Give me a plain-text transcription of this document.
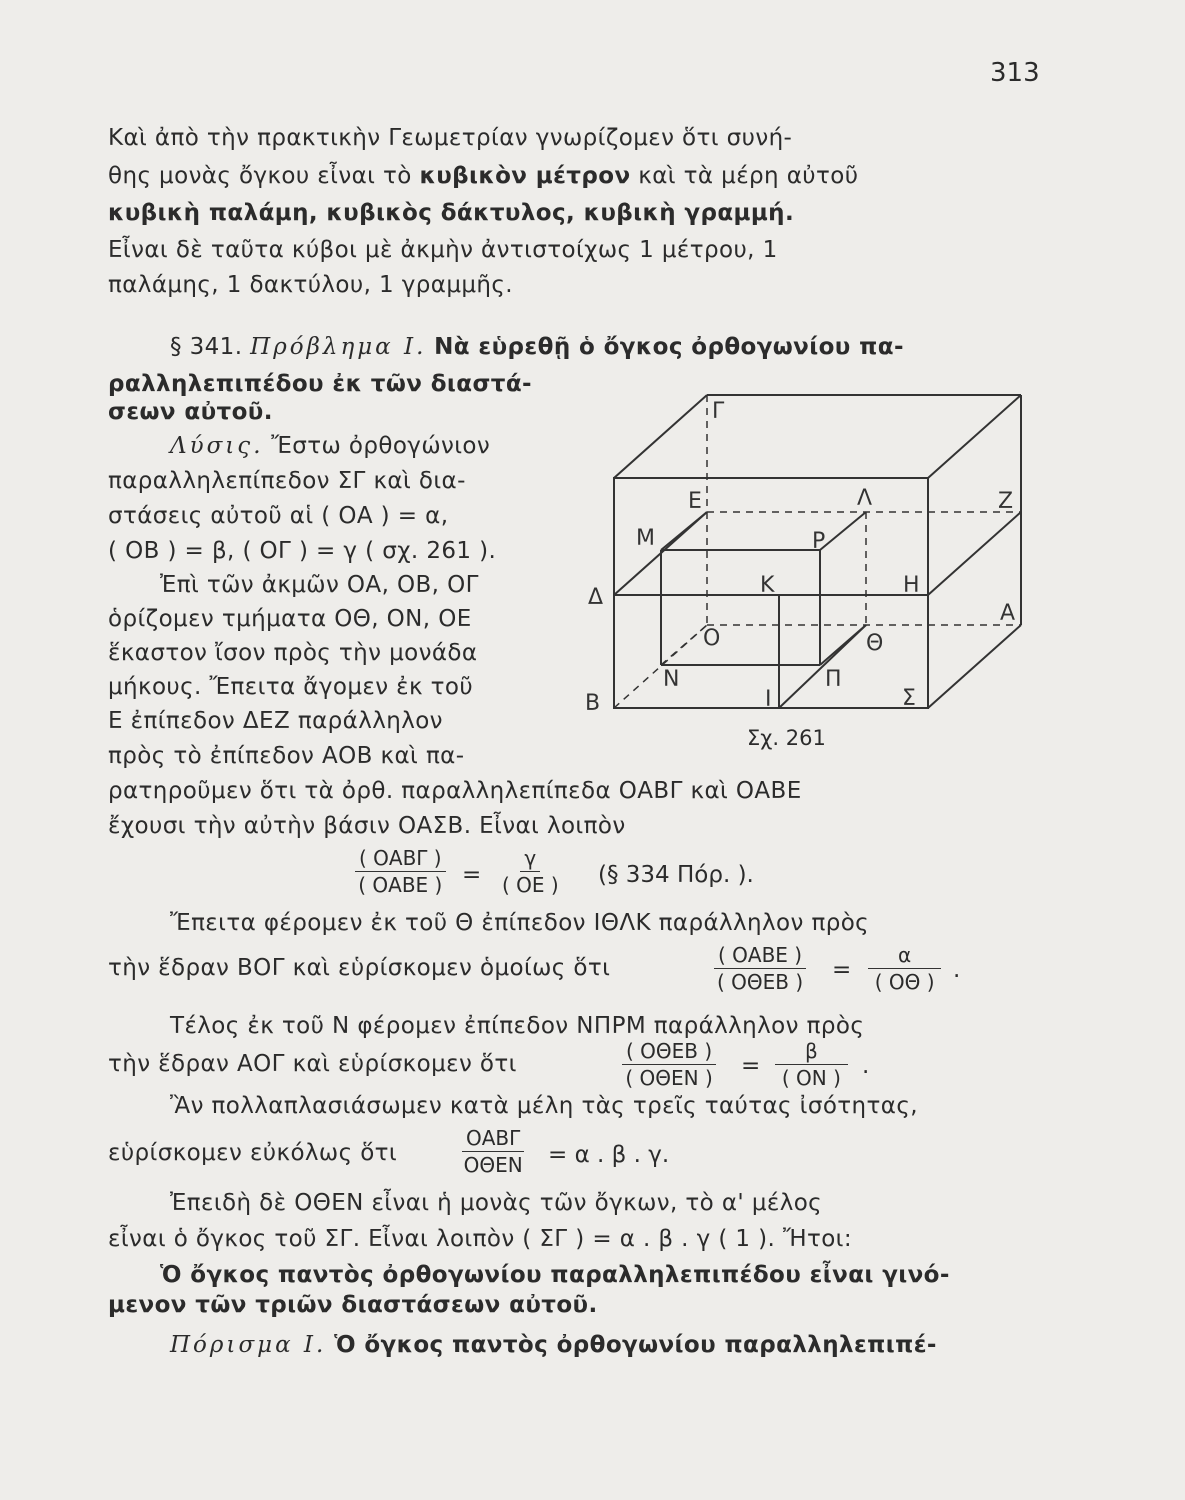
313
Καὶ ἀπὸ τὴν πρακτικὴν Γεωμετρίαν γνωρίζομεν ὅτι συνή-
θης μονὰς ὄγκου εἶναι τὸ κυβικὸν μέτρον καὶ τὰ μέρη αὐτοῦ
κυβικὴ παλάμη, κυβικὸς δάκτυλος, κυβικὴ γραμμή.
Εἶναι δὲ ταῦτα κύβοι μὲ ἀκμὴν ἀντιστοίχως 1 μέτρου, 1
παλάμης, 1 δακτύλου, 1 γραμμῆς.
§ 341. Πρόβλημα Ι. Νὰ εὑρεθῇ ὁ ὄγκος ὀρθογωνίου πα-
ραλληλεπιπέδου ἐκ τῶν διαστά-
σεων αὐτοῦ.
Λύσις. Ἔστω ὀρθογώνιον
παραλληλεπίπεδον ΣΓ καὶ δια-
στάσεις αὐτοῦ αἱ ( ΟΑ ) = α,
( ΟΒ ) = β, ( ΟΓ ) = γ ( σχ. 261 ).
Ἐπὶ τῶν ἀκμῶν ΟΑ, ΟΒ, ΟΓ
ὁρίζομεν τμήματα ΟΘ, ΟΝ, ΟΕ
ἕκαστον ἴσον πρὸς τὴν μονάδα
μήκους. Ἔπειτα ἄγομεν ἐκ τοῦ
Ε ἐπίπεδον ΔΕΖ παράλληλον
πρὸς τὸ ἐπίπεδον ΑΟΒ καὶ πα-
ρατηροῦμεν ὅτι τὰ ὀρθ. παραλληλεπίπεδα ΟΑΒΓ καὶ ΟΑΒΕ
ἔχουσι τὴν αὐτὴν βάσιν ΟΑΣΒ. Εἶναι λοιπὸν
Γ
Ε	Λ	Ζ
Μ	Ρ
Δ	Κ	Η
Α
Ο	Θ
Ν	Π
Β	Ι	Σ
Σχ. 261
( ΟΑΒΓ )
( ΟΑΒΕ ) = $\frac{\gamma}{( OE )}$ (§ 334 Πόρ. ).
Ἔπειτα φέρομεν ἐκ τοῦ Θ ἐπίπεδον ΙΘΛΚ παράλληλον πρὸς
τὴν ἕδραν ΒΟΓ καὶ εὑρίσκομεν ὁμοίως ὅτι	( ΟΑΒΕ )
( ΟΘΕΒ ) = $\frac{\alpha}{( O\Theta )}$ .
Τέλος ἐκ τοῦ Ν φέρομεν ἐπίπεδον ΝΠΡΜ παράλληλον πρὸς
τὴν ἕδραν ΑΟΓ καὶ εὑρίσκομεν ὅτι	( ΟΘΕΒ )
( ΟΘΕΝ ) = $\frac{\beta}{( ON )}$ .
Ἂν πολλαπλασιάσωμεν κατὰ μέλη τὰς τρεῖς ταύτας ἰσότητας,
εὑρίσκομεν εὐκόλως ὅτι
ΟΑΒΓ
ΟΘΕΝ = α . β . γ.
Ἐπειδὴ δὲ ΟΘΕΝ εἶναι ἡ μονὰς τῶν ὄγκων, τὸ α' μέλος
εἶναι ὁ ὄγκος τοῦ ΣΓ. Εἶναι λοιπὸν ( ΣΓ ) = α . β . γ ( 1 ). Ἤτοι:
Ὁ ὄγκος παντὸς ὀρθογωνίου παραλληλεπιπέδου εἶναι γινό-
μενον τῶν τριῶν διαστάσεων αὐτοῦ.
Πόρισμα Ι. Ὁ ὄγκος παντὸς ὀρθογωνίου παραλληλεπιπέ-
